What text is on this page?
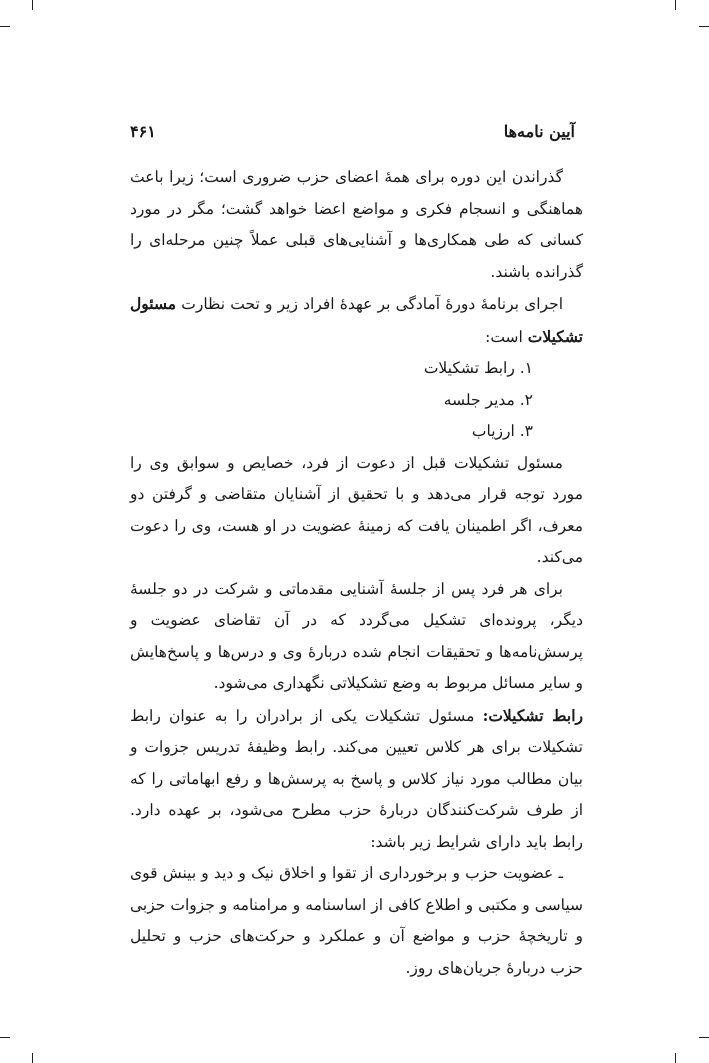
آیین نامه‌ها
۴۶۱

گذراندن این دوره برای همهٔ اعضای حزب ضروری است؛ زیرا باعث هماهنگی و انسجام فکری و مواضع اعضا خواهد گشت؛ مگر در مورد کسانی که طی همکاری‌ها و آشنایی‌های قبلی عملاً چنین مرحله‌ای را گذرانده باشند.

اجرای برنامهٔ دورهٔ آمادگی بر عهدهٔ افراد زیر و تحت نظارت مسئول تشکیلات است:

۱. رابط تشکیلات

۲. مدیر جلسه

۳. ارزیاب

مسئول تشکیلات قبل از دعوت از فرد، خصایص و سوابق وی را مورد توجه قرار می‌دهد و با تحقیق از آشنایان متقاضی و گرفتن دو معرف، اگر اطمینان یافت که زمینهٔ عضویت در او هست، وی را دعوت می‌کند.

برای هر فرد پس از جلسهٔ آشنایی مقدماتی و شرکت در دو جلسهٔ دیگر، پرونده‌ای تشکیل می‌گردد که در آن تقاضای عضویت و پرسش‌نامه‌ها و تحقیقات انجام شده دربارهٔ وی و درس‌ها و پاسخ‌هایش و سایر مسائل مربوط به وضع تشکیلاتی نگهداری می‌شود.

رابط تشکیلات: مسئول تشکیلات یکی از برادران را به عنوان رابط تشکیلات برای هر کلاس تعیین می‌کند. رابط وظیفهٔ تدریس جزوات و بیان مطالب مورد نیاز کلاس و پاسخ به پرسش‌ها و رفع ابهاماتی را که از طرف شرکت‌کنندگان دربارهٔ حزب مطرح می‌شود، بر عهده دارد. رابط باید دارای شرایط زیر باشد:

ـ عضویت حزب و برخورداری از تقوا و اخلاق نیک و دید و بینش قوی سیاسی و مکتبی و اطلاع کافی از اساسنامه و مرامنامه و جزوات حزبی و تاریخچهٔ حزب و مواضع آن و عملکرد و حرکت‌های حزب و تحلیل حزب دربارهٔ جریان‌های روز.
